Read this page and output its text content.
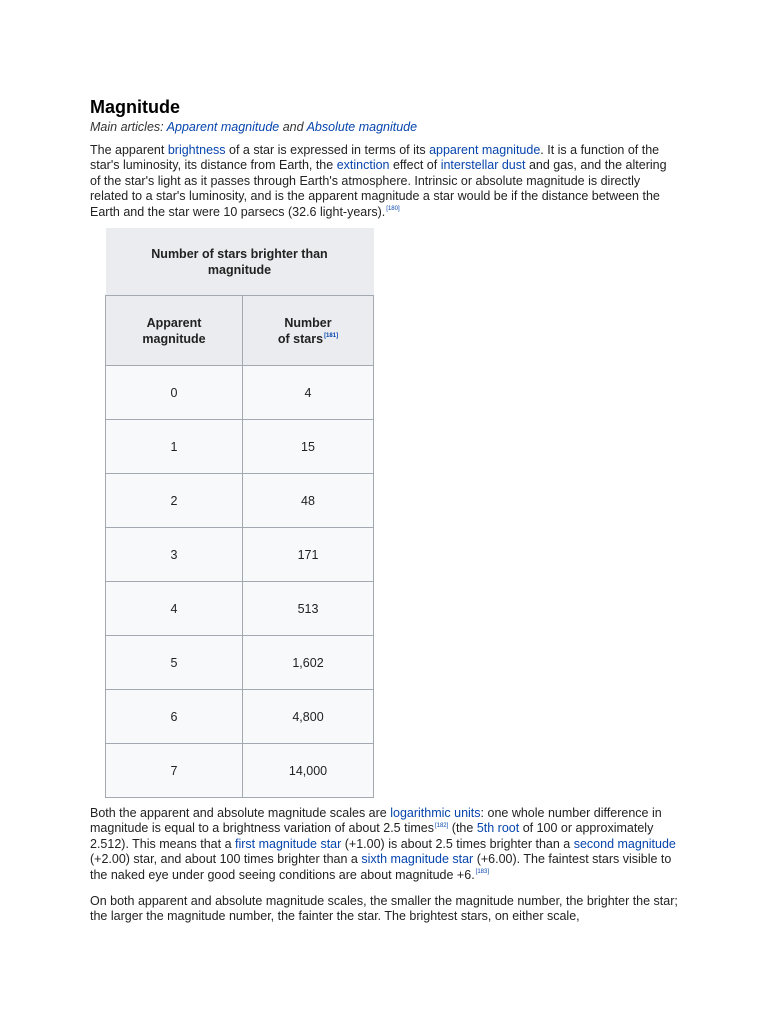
Magnitude
Main articles: Apparent magnitude and Absolute magnitude

The apparent brightness of a star is expressed in terms of its apparent magnitude. It is a function of the star's luminosity, its distance from Earth, the extinction effect of interstellar dust and gas, and the altering of the star's light as it passes through Earth's atmosphere. Intrinsic or absolute magnitude is directly related to a star's luminosity, and is the apparent magnitude a star would be if the distance between the Earth and the star were 10 parsecs (32.6 light-years).[180]

Number of stars brighter than magnitude	
Apparent magnitude	Number
of stars[181]
0	4
1	15
2	48
3	171
4	513
5	1,602
6	4,800
7	14,000

Both the apparent and absolute magnitude scales are logarithmic units: one whole number difference in magnitude is equal to a brightness variation of about 2.5 times[182] (the 5th root of 100 or approximately 2.512). This means that a first magnitude star (+1.00) is about 2.5 times brighter than a second magnitude (+2.00) star, and about 100 times brighter than a sixth magnitude star (+6.00). The faintest stars visible to the naked eye under good seeing conditions are about magnitude +6.[183]

On both apparent and absolute magnitude scales, the smaller the magnitude number, the brighter the star; the larger the magnitude number, the fainter the star. The brightest stars, on either scale,
